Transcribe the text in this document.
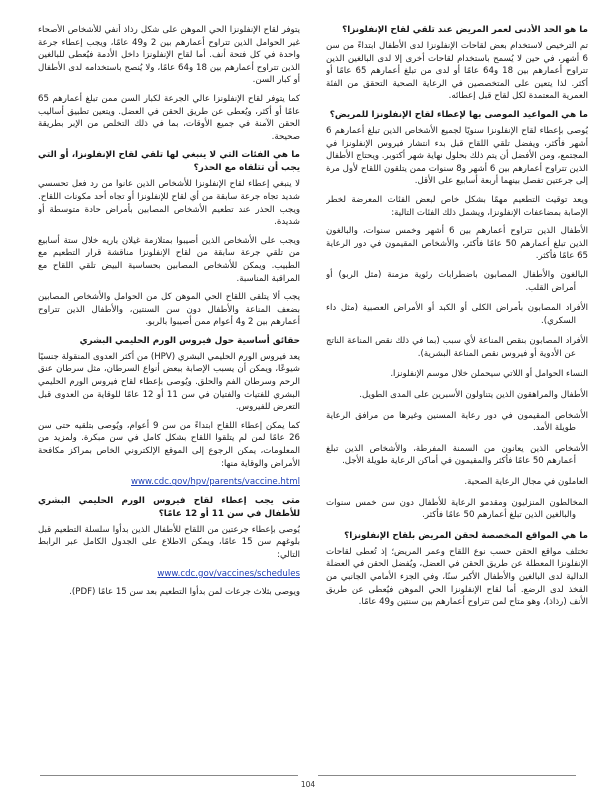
ما هو الحد الأدنى لعمر المريض عند تلقي لقاح الإنفلونزا؟
تم الترخيص لاستخدام بعض لقاحات الإنفلونزا لدى الأطفال ابتداءً من سن 6 أشهر، في حين لا يُسمح باستخدام لقاحات أخرى إلا لدى البالغين الذين تتراوح أعمارهم بين 18 و64 عامًا أو لدى من تبلغ أعمارهم 65 عامًا أو أكثر. لذا يتعين على المتخصصين في الرعاية الصحية التحقق من الفئة العمرية المعتمدة لكل لقاح قبل إعطائه.
ما هي المواعيد الموصى بها لإعطاء لقاح الإنفلونزا للمريض؟
يُوصى بإعطاء لقاح الإنفلونزا سنويًا لجميع الأشخاص الذين تبلغ أعمارهم 6 أشهر فأكثر، ويفضل تلقي اللقاح قبل بدء انتشار فيروس الإنفلونزا في المجتمع، ومن الأفضل أن يتم ذلك بحلول نهاية شهر أكتوبر. ويحتاج الأطفال الذين تتراوح أعمارهم بين 6 أشهر و8 سنوات ممن يتلقون اللقاح لأول مرة إلى جرعتين تفصل بينهما أربعة أسابيع على الأقل.
ويعد توقيت التطعيم مهمًا بشكل خاص لبعض الفئات المعرضة لخطر الإصابة بمضاعفات الإنفلونزا، ويشمل ذلك الفئات التالية:
الأطفال الذين تتراوح أعمارهم بين 6 أشهر وخمس سنوات، والبالغون الذين تبلغ أعمارهم 50 عامًا فأكثر، والأشخاص المقيمون في دور الرعاية 65 عامًا فأكثر.
البالغون والأطفال المصابون باضطرابات رئوية مزمنة (مثل الربو) أو أمراض القلب.
الأفراد المصابون بأمراض الكلى أو الكبد أو الأمراض العصبية (مثل داء السكري).
الأفراد المصابون بنقص المناعة لأي سبب (بما في ذلك نقص المناعة الناتج عن الأدوية أو فيروس نقص المناعة البشرية).
النساء الحوامل أو اللاتي سيحملن خلال موسم الإنفلونزا.
الأطفال والمراهقون الذين يتناولون الأسبرين على المدى الطويل.
الأشخاص المقيمون في دور رعاية المسنين وغيرها من مرافق الرعاية طويلة الأمد.
الأشخاص الذين يعانون من السمنة المفرطة، والأشخاص الذين تبلغ أعمارهم 50 عامًا فأكثر والمقيمون في أماكن الرعاية طويلة الأجل.
العاملون في مجال الرعاية الصحية.
المخالطون المنزليون ومقدمو الرعاية للأطفال دون سن خمس سنوات والبالغين الذين تبلغ أعمارهم 50 عامًا فأكثر.
ما هي المواقع المخصصة لحقن المريض بلقاح الإنفلونزا؟
تختلف مواقع الحقن حسب نوع اللقاح وعمر المريض؛ إذ تُعطى لقاحات الإنفلونزا المعطلة عن طريق الحقن في العضل، ويُفضل الحقن في العضلة الدالية لدى البالغين والأطفال الأكبر سنًا، وفي الجزء الأمامي الجانبي من الفخذ لدى الرضع. أما لقاح الإنفلونزا الحي الموهن فيُعطى عن طريق الأنف (رذاذ)، وهو متاح لمن تتراوح أعمارهم بين سنتين و49 عامًا.
يتوفر لقاح الإنفلونزا الحي الموهن على شكل رذاذ أنفي للأشخاص الأصحاء غير الحوامل الذين تتراوح أعمارهم بين 2 و49 عامًا، ويجب إعطاء جرعة واحدة في كل فتحة أنف. أما لقاح الإنفلونزا داخل الأدمة فيُعطى للبالغين الذين تتراوح أعمارهم بين 18 و64 عامًا، ولا يُنصح باستخدامه لدى الأطفال أو كبار السن.
كما يتوفر لقاح الإنفلونزا عالي الجرعة لكبار السن ممن تبلغ أعمارهم 65 عامًا أو أكثر، ويُعطى عن طريق الحقن في العضل. ويتعين تطبيق أساليب الحقن الآمنة في جميع الأوقات، بما في ذلك التخلص من الإبر بطريقة صحيحة.
ما هي الفئات التي لا ينبغي لها تلقي لقاح الإنفلونزا، أو التي يجب أن تتلقاه مع الحذر؟
لا ينبغي إعطاء لقاح الإنفلونزا للأشخاص الذين عانوا من رد فعل تحسسي شديد تجاه جرعة سابقة من أي لقاح للإنفلونزا أو تجاه أحد مكونات اللقاح. ويجب الحذر عند تطعيم الأشخاص المصابين بأمراض حادة متوسطة أو شديدة.
ويجب على الأشخاص الذين أصيبوا بمتلازمة غيلان باريه خلال ستة أسابيع من تلقي جرعة سابقة من لقاح الإنفلونزا مناقشة قرار التطعيم مع الطبيب. ويمكن للأشخاص المصابين بحساسية البيض تلقي اللقاح مع المراقبة المناسبة.
يجب ألا يتلقى اللقاح الحي الموهن كل من الحوامل والأشخاص المصابين بضعف المناعة والأطفال دون سن السنتين، والأطفال الذين تتراوح أعمارهم بين 2 و4 أعوام ممن أصيبوا بالربو.
حقائق أساسية حول فيروس الورم الحليمي البشري
يعد فيروس الورم الحليمي البشري (HPV) من أكثر العدوى المنقولة جنسيًا شيوعًا، ويمكن أن يسبب الإصابة ببعض أنواع السرطان، مثل سرطان عنق الرحم وسرطان الفم والحلق. ويُوصى بإعطاء لقاح فيروس الورم الحليمي البشري للفتيات والفتيان في سن 11 أو 12 عامًا للوقاية من العدوى قبل التعرض للفيروس.
كما يمكن إعطاء اللقاح ابتداءً من سن 9 أعوام، ويُوصى بتلقيه حتى سن 26 عامًا لمن لم يتلقوا اللقاح بشكل كامل في سن مبكرة. ولمزيد من المعلومات، يمكن الرجوع إلى الموقع الإلكتروني الخاص بمراكز مكافحة الأمراض والوقاية منها:
www.cdc.gov/hpv/parents/vaccine.html
متى يجب إعطاء لقاح فيروس الورم الحليمي البشري للأطفال في سن 11 أو 12 عامًا؟
يُوصى بإعطاء جرعتين من اللقاح للأطفال الذين بدأوا سلسلة التطعيم قبل بلوغهم سن 15 عامًا، ويمكن الاطلاع على الجدول الكامل عبر الرابط التالي:
www.cdc.gov/vaccines/schedules
ويوصى بثلاث جرعات لمن بدأوا التطعيم بعد سن 15 عامًا (PDF).
104
